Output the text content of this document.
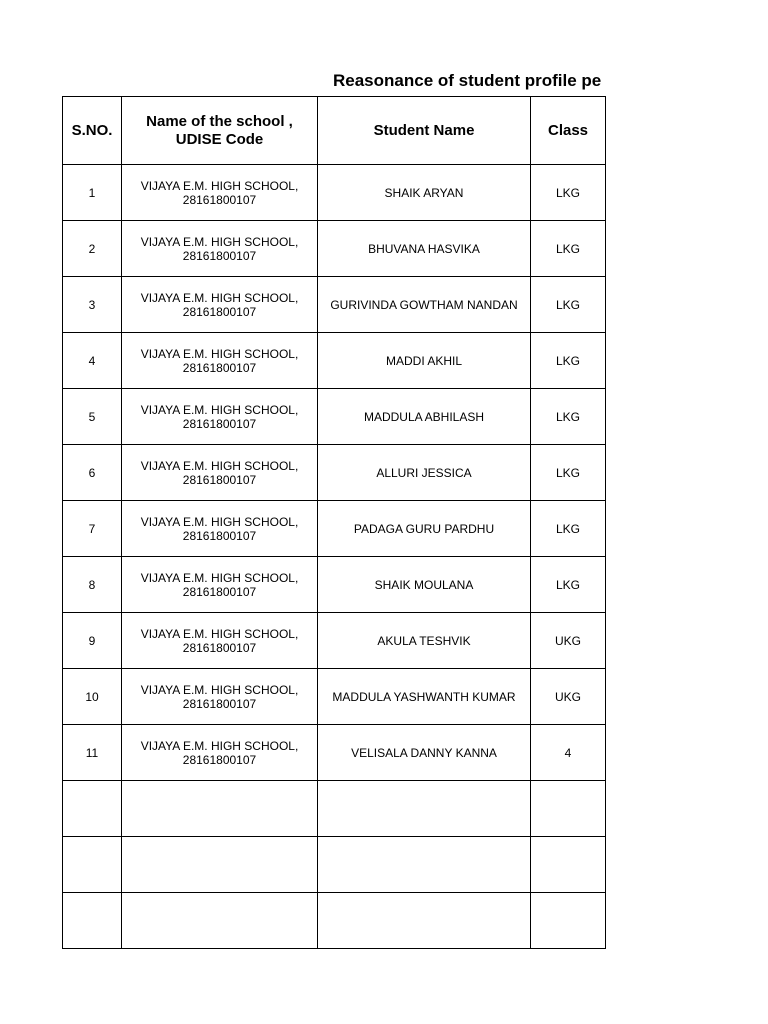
Reasonance of student profile pe
S.NO.	Name of the school ,
UDISE Code	Student Name	Class
1	VIJAYA E.M. HIGH SCHOOL,
28161800107	SHAIK ARYAN	LKG
2	VIJAYA E.M. HIGH SCHOOL,
28161800107	BHUVANA HASVIKA	LKG
3	VIJAYA E.M. HIGH SCHOOL,
28161800107	GURIVINDA GOWTHAM NANDAN	LKG
4	VIJAYA E.M. HIGH SCHOOL,
28161800107	MADDI AKHIL	LKG
5	VIJAYA E.M. HIGH SCHOOL,
28161800107	MADDULA ABHILASH	LKG
6	VIJAYA E.M. HIGH SCHOOL,
28161800107	ALLURI JESSICA	LKG
7	VIJAYA E.M. HIGH SCHOOL,
28161800107	PADAGA GURU PARDHU	LKG
8	VIJAYA E.M. HIGH SCHOOL,
28161800107	SHAIK MOULANA	LKG
9	VIJAYA E.M. HIGH SCHOOL,
28161800107	AKULA TESHVIK	UKG
10	VIJAYA E.M. HIGH SCHOOL,
28161800107	MADDULA YASHWANTH KUMAR	UKG
11	VIJAYA E.M. HIGH SCHOOL,
28161800107	VELISALA DANNY KANNA	4
